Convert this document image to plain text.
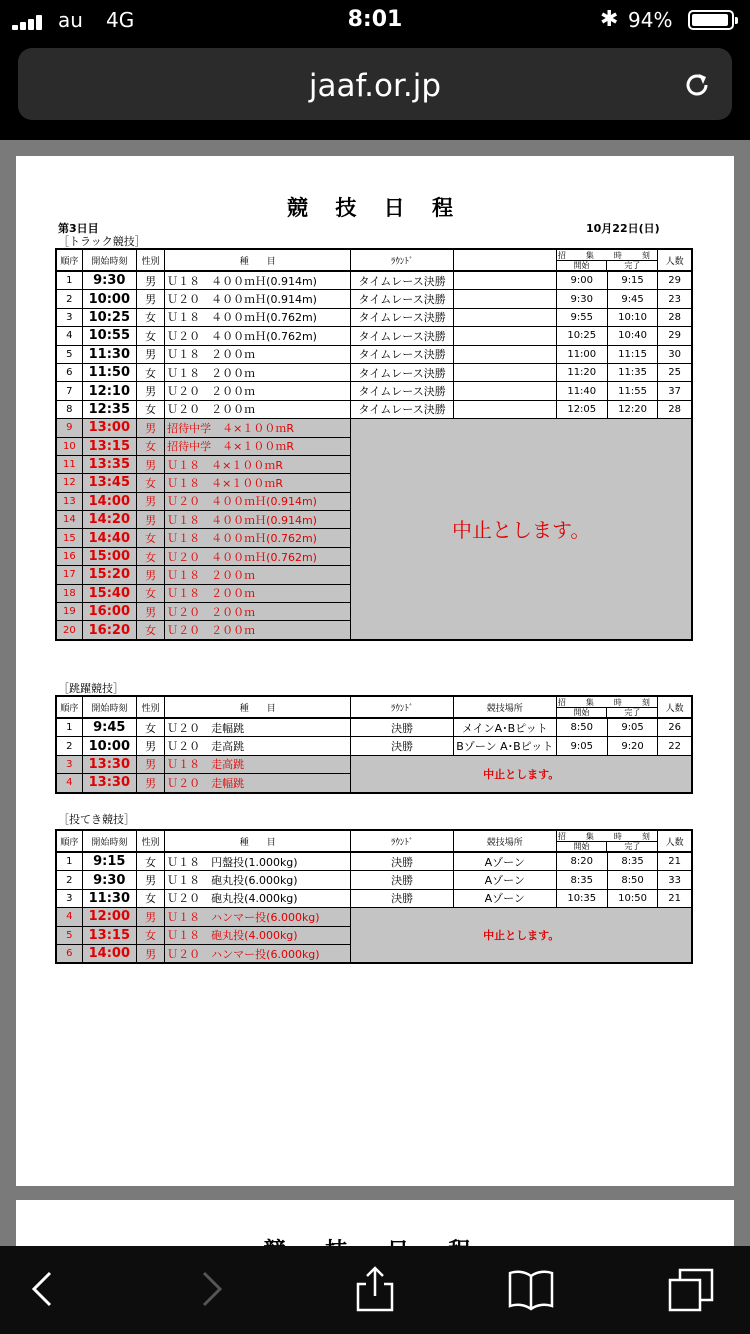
au 4G	8:01	✱ 94%
jaaf.or.jp
競 技 日 程
第3日目	10月22日(日)
［トラック競技］
［跳躍競技］
［投てき競技］
順序	開始時刻	性別	種　　目	ﾗｳﾝﾄﾞ		招　集　時　刻
開始 完了		人数
1	9:30	男	Ｕ１８　４００ｍＨ(0.914m)	タイムレース決勝		9:00	9:15	29
2	10:00	男	Ｕ２０　４００ｍＨ(0.914m)	タイムレース決勝		9:30	9:45	23
3	10:25	女	Ｕ１８　４００ｍＨ(0.762m)	タイムレース決勝		9:55	10:10	28
4	10:55	女	Ｕ２０　４００ｍＨ(0.762m)	タイムレース決勝		10:25	10:40	29
5	11:30	男	Ｕ１８　２００ｍ	タイムレース決勝		11:00	11:15	30
6	11:50	女	Ｕ１８　２００ｍ	タイムレース決勝		11:20	11:35	25
7	12:10	男	Ｕ２０　２００ｍ	タイムレース決勝		11:40	11:55	37
8	12:35	女	Ｕ２０　２００ｍ	タイムレース決勝		12:05	12:20	28
9	13:00	男	招待中学　４×１００ｍR	中止とします。				
10	13:15	女	招待中学　４×１００ｍR					
11	13:35	男	Ｕ１８　４×１００ｍR					
12	13:45	女	Ｕ１８　４×１００ｍR					
13	14:00	男	Ｕ２０　４００ｍＨ(0.914m)					
14	14:20	男	Ｕ１８　４００ｍＨ(0.914m)					
15	14:40	女	Ｕ１８　４００ｍＨ(0.762m)					
16	15:00	女	Ｕ２０　４００ｍＨ(0.762m)					
17	15:20	男	Ｕ１８　２００ｍ					
18	15:40	女	Ｕ１８　２００ｍ					
19	16:00	男	Ｕ２０　２００ｍ					
20	16:20	女	Ｕ２０　２００ｍ					
順序	開始時刻	性別	種　　目	ﾗｳﾝﾄﾞ	競技場所	招　集　時　刻
開始 完了		人数
1	9:45	女	Ｕ２０　走幅跳	決勝	メインA･Bピット	8:50	9:05	26
2	10:00	男	Ｕ２０　走高跳	決勝	Bゾーン A･Bピット	9:05	9:20	22
3	13:30	男	Ｕ１８　走高跳	中止とします。				
4	13:30	男	Ｕ２０　走幅跳					
順序	開始時刻	性別	種　　目	ﾗｳﾝﾄﾞ	競技場所	招　集　時　刻
開始 完了		人数
1	9:15	女	Ｕ１８　円盤投(1.000kg)	決勝	Aゾーン	8:20	8:35	21
2	9:30	男	Ｕ１８　砲丸投(6.000kg)	決勝	Aゾーン	8:35	8:50	33
3	11:30	女	Ｕ２０　砲丸投(4.000kg)	決勝	Aゾーン	10:35	10:50	21
4	12:00	男	Ｕ１８　ハンマー投(6.000kg)	中止とします。				
5	13:15	女	Ｕ１８　砲丸投(4.000kg)					
6	14:00	男	Ｕ２０　ハンマー投(6.000kg)					
